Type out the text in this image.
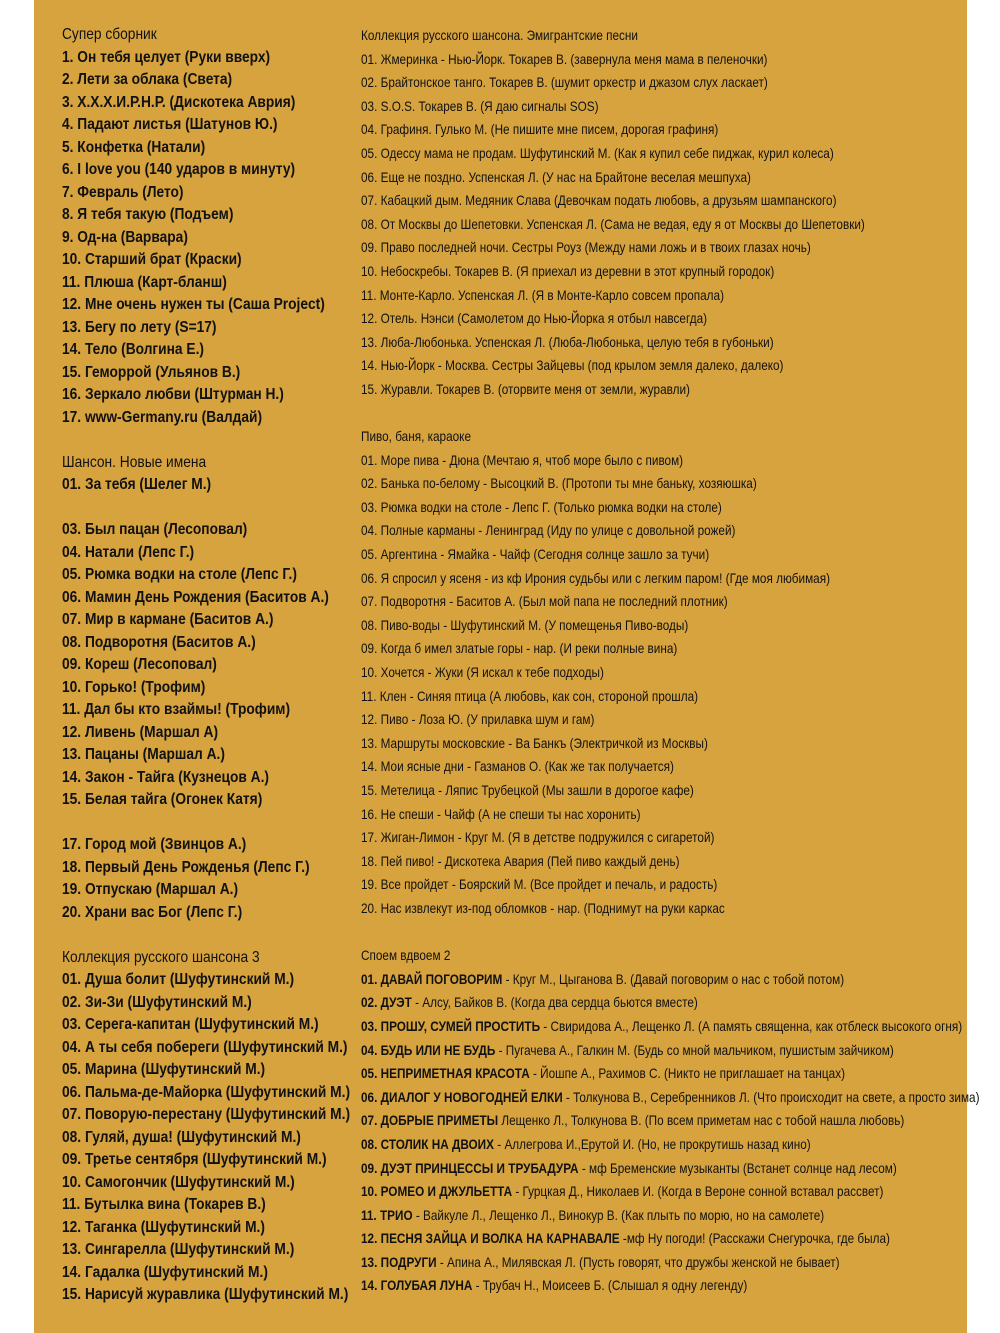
Супер сборник

1. Он тебя целует (Руки вверх)

2. Лети за облака (Света)

3. Х.Х.Х.И.Р.Н.Р. (Дискотека Аврия)

4. Падают листья (Шатунов Ю.)

5. Конфетка (Натали)

6. I love you (140 ударов в минуту)

7. Февраль (Лето)

8. Я тебя такую (Подъем)

9. Од-на (Варвара)

10. Старший брат (Краски)

11. Плюша (Карт-бланш)

12. Мне очень нужен ты (Саша Project)

13. Бегу по лету (S=17)

14. Тело (Волгина Е.)

15. Геморрой (Ульянов В.)

16. Зеркало любви (Штурман Н.)

17. www-Germany.ru (Валдай)

Шансон. Новые имена

01. За тебя (Шелег М.)

03. Был пацан (Лесоповал)

04. Натали (Лепс Г.)

05. Рюмка водки на столе (Лепс Г.)

06. Мамин День Рождения (Баситов А.)

07. Мир в кармане (Баситов А.)

08. Подворотня (Баситов А.)

09. Кореш (Лесоповал)

10. Горько! (Трофим)

11. Дал бы кто взаймы! (Трофим)

12. Ливень (Маршал А)

13. Пацаны (Маршал А.)

14. Закон - Тайга (Кузнецов А.)

15. Белая тайга (Огонек Катя)

17. Город мой (Звинцов А.)

18. Первый День Рожденья (Лепс Г.)

19. Отпускаю (Маршал А.)

20. Храни вас Бог (Лепс Г.)

Коллекция русского шансона 3

01. Душа болит (Шуфутинский М.)

02. Зи-Зи (Шуфутинский М.)

03. Серега-капитан (Шуфутинский М.)

04. А ты себя побереги (Шуфутинский М.)

05. Марина (Шуфутинский М.)

06. Пальма-де-Майорка (Шуфутинский М.)

07. Поворую-перестану (Шуфутинский М.)

08. Гуляй, душа! (Шуфутинский М.)

09. Третье сентября (Шуфутинский М.)

10. Самогончик (Шуфутинский М.)

11. Бутылка вина (Токарев В.)

12. Таганка (Шуфутинский М.)

13. Сингарелла (Шуфутинский М.)

14. Гадалка (Шуфутинский М.)

15. Нарисуй журавлика (Шуфутинский М.)

Коллекция русского шансона. Эмигрантские песни

01. Жмеринка - Нью-Йорк. Токарев В. (завернула меня мама в пеленочки)

02. Брайтонское танго. Токарев В. (шумит оркестр и джазом слух ласкает)

03. S.O.S. Токарев В. (Я даю сигналы SOS)

04. Графиня. Гулько М. (Не пишите мне писем, дорогая графиня)

05. Одессу мама не продам. Шуфутинский М. (Как я купил себе пиджак, курил колеса)

06. Еще не поздно. Успенская Л. (У нас на Брайтоне веселая мешпуха)

07. Кабацкий дым. Медяник Слава (Девочкам подать любовь, а друзьям шампанского)

08. От Москвы до Шепетовки. Успенская Л. (Сама не ведая, еду я от Москвы до Шепетовки)

09. Право последней ночи. Сестры Роуз (Между нами ложь и в твоих глазах ночь)

10. Небоскребы. Токарев В. (Я приехал из деревни в этот крупный городок)

11. Монте-Карло. Успенская Л. (Я в Монте-Карло совсем пропала)

12. Отель. Нэнси (Самолетом до Нью-Йорка я отбыл навсегда)

13. Люба-Любонька. Успенская Л. (Люба-Любонька, целую тебя в губоньки)

14. Нью-Йорк - Москва. Сестры Зайцевы (под крылом земля далеко, далеко)

15. Журавли. Токарев В. (оторвите меня от земли, журавли)

Пиво, баня, караоке

01. Море пива - Дюна (Мечтаю я, чтоб море было с пивом)

02. Банька по-белому - Высоцкий В. (Протопи ты мне баньку, хозяюшка)

03. Рюмка водки на столе - Лепс Г. (Только рюмка водки на столе)

04. Полные карманы - Ленинград (Иду по улице с довольной рожей)

05. Аргентина - Ямайка - Чайф (Сегодня солнце зашло за тучи)

06. Я спросил у ясеня - из кф Ирония судьбы или с легким паром! (Где моя любимая)

07. Подворотня - Баситов А. (Был мой папа не последний плотник)

08. Пиво-воды - Шуфутинский М. (У помещенья Пиво-воды)

09. Когда б имел златые горы - нар. (И реки полные вина)

10. Хочется - Жуки (Я искал к тебе подходы)

11. Клен - Синяя птица (А любовь, как сон, стороной прошла)

12. Пиво - Лоза Ю. (У прилавка шум и гам)

13. Маршруты московские - Ва Банкъ (Электричкой из Москвы)

14. Мои ясные дни - Газманов О. (Как же так получается)

15. Метелица - Ляпис Трубецкой (Мы зашли в дорогое кафе)

16. Не спеши - Чайф (А не спеши ты нас хоронить)

17. Жиган-Лимон - Круг М. (Я в детстве подружился с сигаретой)

18. Пей пиво! - Дискотека Авария (Пей пиво каждый день)

19. Все пройдет - Боярский М. (Все пройдет и печаль, и радость)

20. Нас извлекут из-под обломков - нар. (Поднимут на руки каркас

Споем вдвоем 2

01. ДАВАЙ ПОГОВОРИМ - Круг М., Цыганова В. (Давай поговорим о нас с тобой потом)

02. ДУЭТ - Алсу, Байков В. (Когда два сердца бьются вместе)

03. ПРОШУ, СУМЕЙ ПРОСТИТЬ - Свиридова А., Лещенко Л. (А память священна, как отблеск высокого огня)

04. БУДЬ ИЛИ НЕ БУДЬ - Пугачева А., Галкин М. (Будь со мной мальчиком, пушистым зайчиком)

05. НЕПРИМЕТНАЯ КРАСОТА - Йошпе А., Рахимов С. (Никто не приглашает на танцах)

06. ДИАЛОГ У НОВОГОДНЕЙ ЕЛКИ - Толкунова В., Серебренников Л. (Что происходит на свете, а просто зима)

07. ДОБРЫЕ ПРИМЕТЫ Лещенко Л., Толкунова В. (По всем приметам нас с тобой нашла любовь)

08. СТОЛИК НА ДВОИХ - Аллегрова И.,Ерутой И. (Но, не прокрутишь назад кино)

09. ДУЭТ ПРИНЦЕССЫ И ТРУБАДУРА - мф Бременские музыканты (Встанет солнце над лесом)

10. РОМЕО И ДЖУЛЬЕТТА - Гурцкая Д., Николаев И. (Когда в Вероне сонной вставал рассвет)

11. ТРИО - Вайкуле Л., Лещенко Л., Винокур В. (Как плыть по морю, но на самолете)

12. ПЕСНЯ ЗАЙЦА И ВОЛКА НА КАРНАВАЛЕ -мф Ну погоди! (Расскажи Снегурочка, где была)

13. ПОДРУГИ - Апина А., Милявская Л. (Пусть говорят, что дружбы женской не бывает)

14. ГОЛУБАЯ ЛУНА - Трубач Н., Моисеев Б. (Слышал я одну легенду)
